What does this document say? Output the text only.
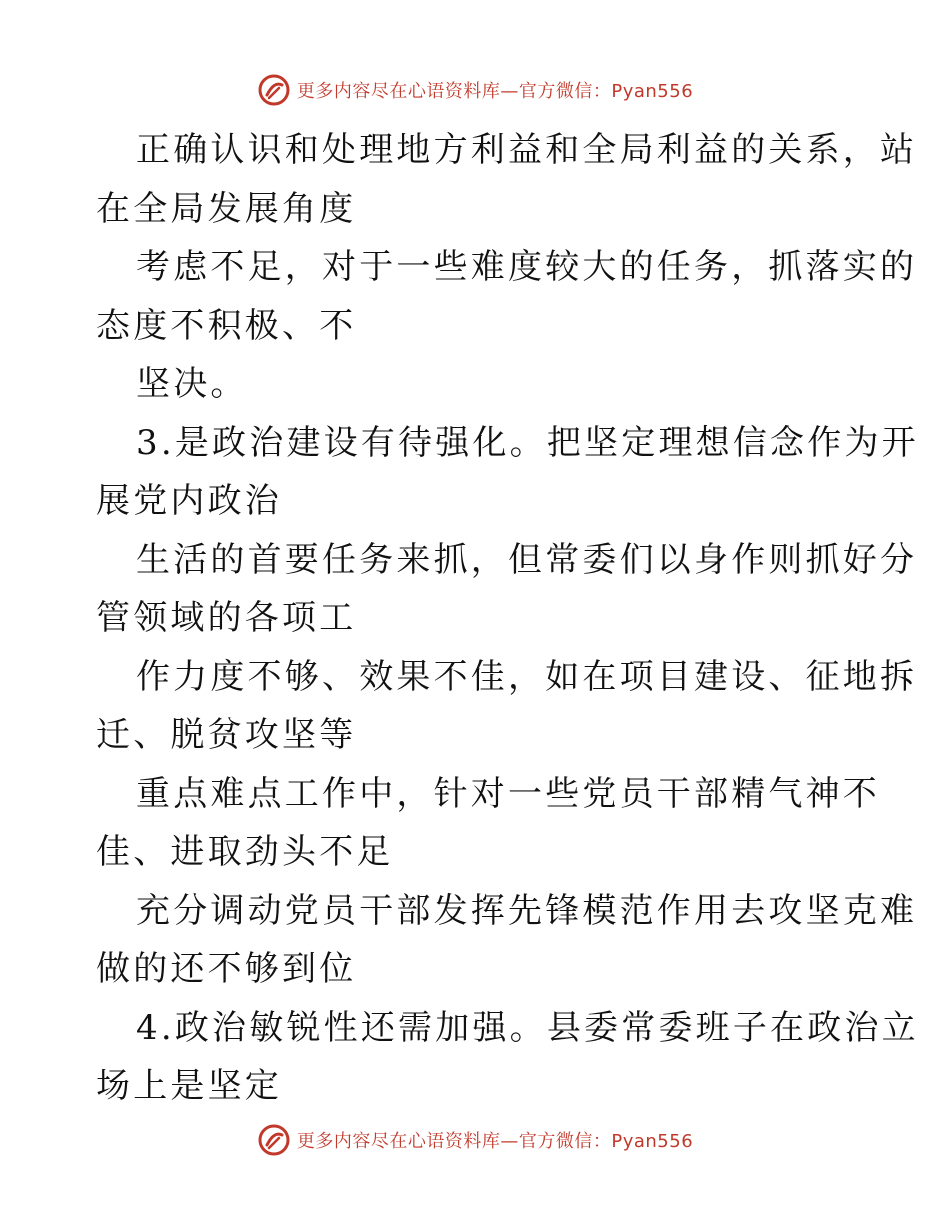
更多内容尽在心语资料库—官方微信：Pyan556
正确认识和处理地方利益和全局利益的关系，站
在全局发展角度
考虑不足，对于一些难度较大的任务，抓落实的
态度不积极、不
坚决。
3.是政治建设有待强化。把坚定理想信念作为开
展党内政治
生活的首要任务来抓，但常委们以身作则抓好分
管领域的各项工
作力度不够、效果不佳，如在项目建设、征地拆
迁、脱贫攻坚等
重点难点工作中，针对一些党员干部精气神不
佳、进取劲头不足
充分调动党员干部发挥先锋模范作用去攻坚克难
做的还不够到位
4.政治敏锐性还需加强。县委常委班子在政治立
场上是坚定
更多内容尽在心语资料库—官方微信：Pyan556
